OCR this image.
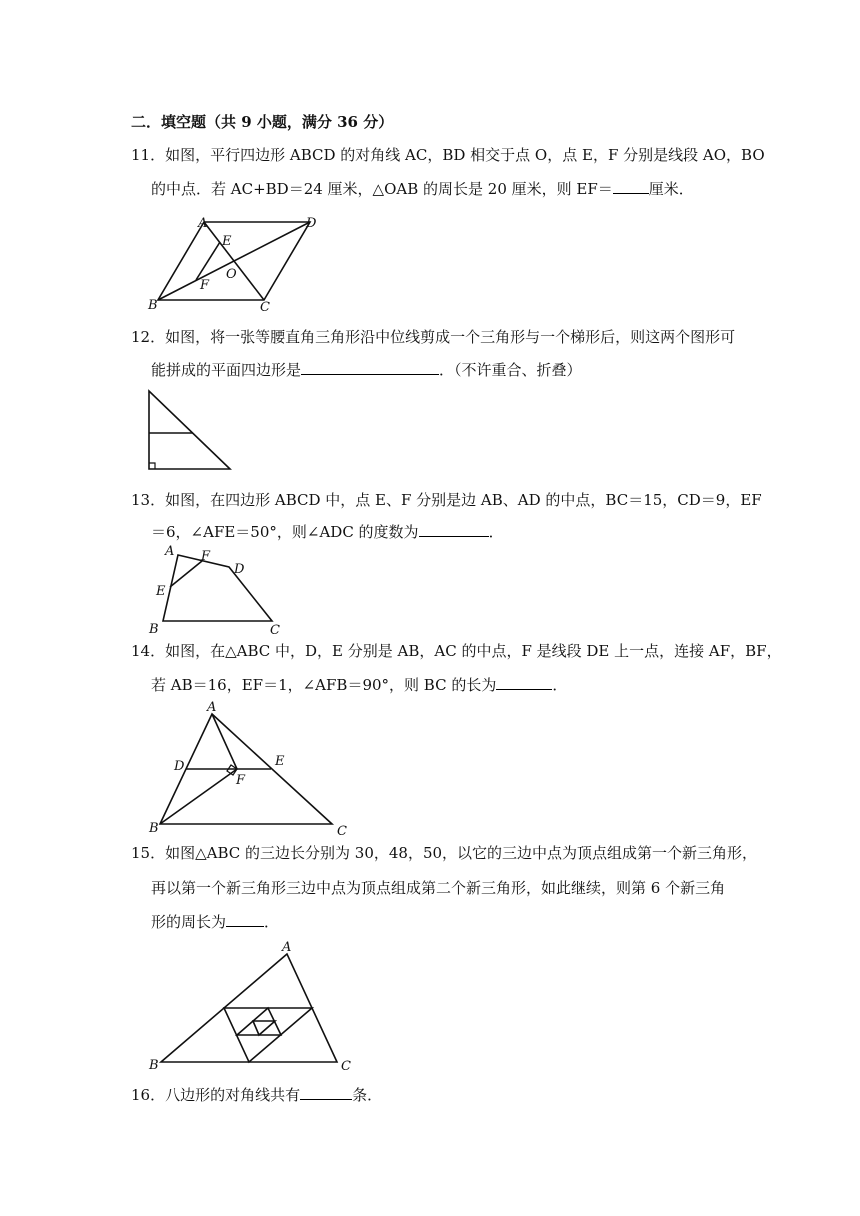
二．填空题（共 9 小题，满分 36 分）
11．如图，平行四边形 ABCD 的对角线 AC，BD 相交于点 O，点 E，F 分别是线段 AO，BO
的中点．若 AC+BD＝24 厘米，△OAB 的周长是 20 厘米，则 EF＝ 厘米．
A	D
E
O
F
B	C
12．如图，将一张等腰直角三角形沿中位线剪成一个三角形与一个梯形后，则这两个图形可
能拼成的平面四边形是	．（不许重合、折叠）
13．如图，在四边形 ABCD 中，点 E、F 分别是边 AB、AD 的中点，BC＝15，CD＝9，EF
＝6，∠AFE＝50°，则∠ADC 的度数为	．
A F
D
E
B	C
14．如图，在△ABC 中，D，E 分别是 AB，AC 的中点，F 是线段 DE 上一点，连接 AF，BF，
若 AB＝16，EF＝1，∠AFB＝90°，则 BC 的长为	．
A
D	E
F
B	C
15．如图△ABC 的三边长分别为 30，48，50，以它的三边中点为顶点组成第一个新三角形，
再以第一个新三角形三边中点为顶点组成第二个新三角形，如此继续，则第 6 个新三角
形的周长为	．
A
B	C
16．八边形的对角线共有	条．
